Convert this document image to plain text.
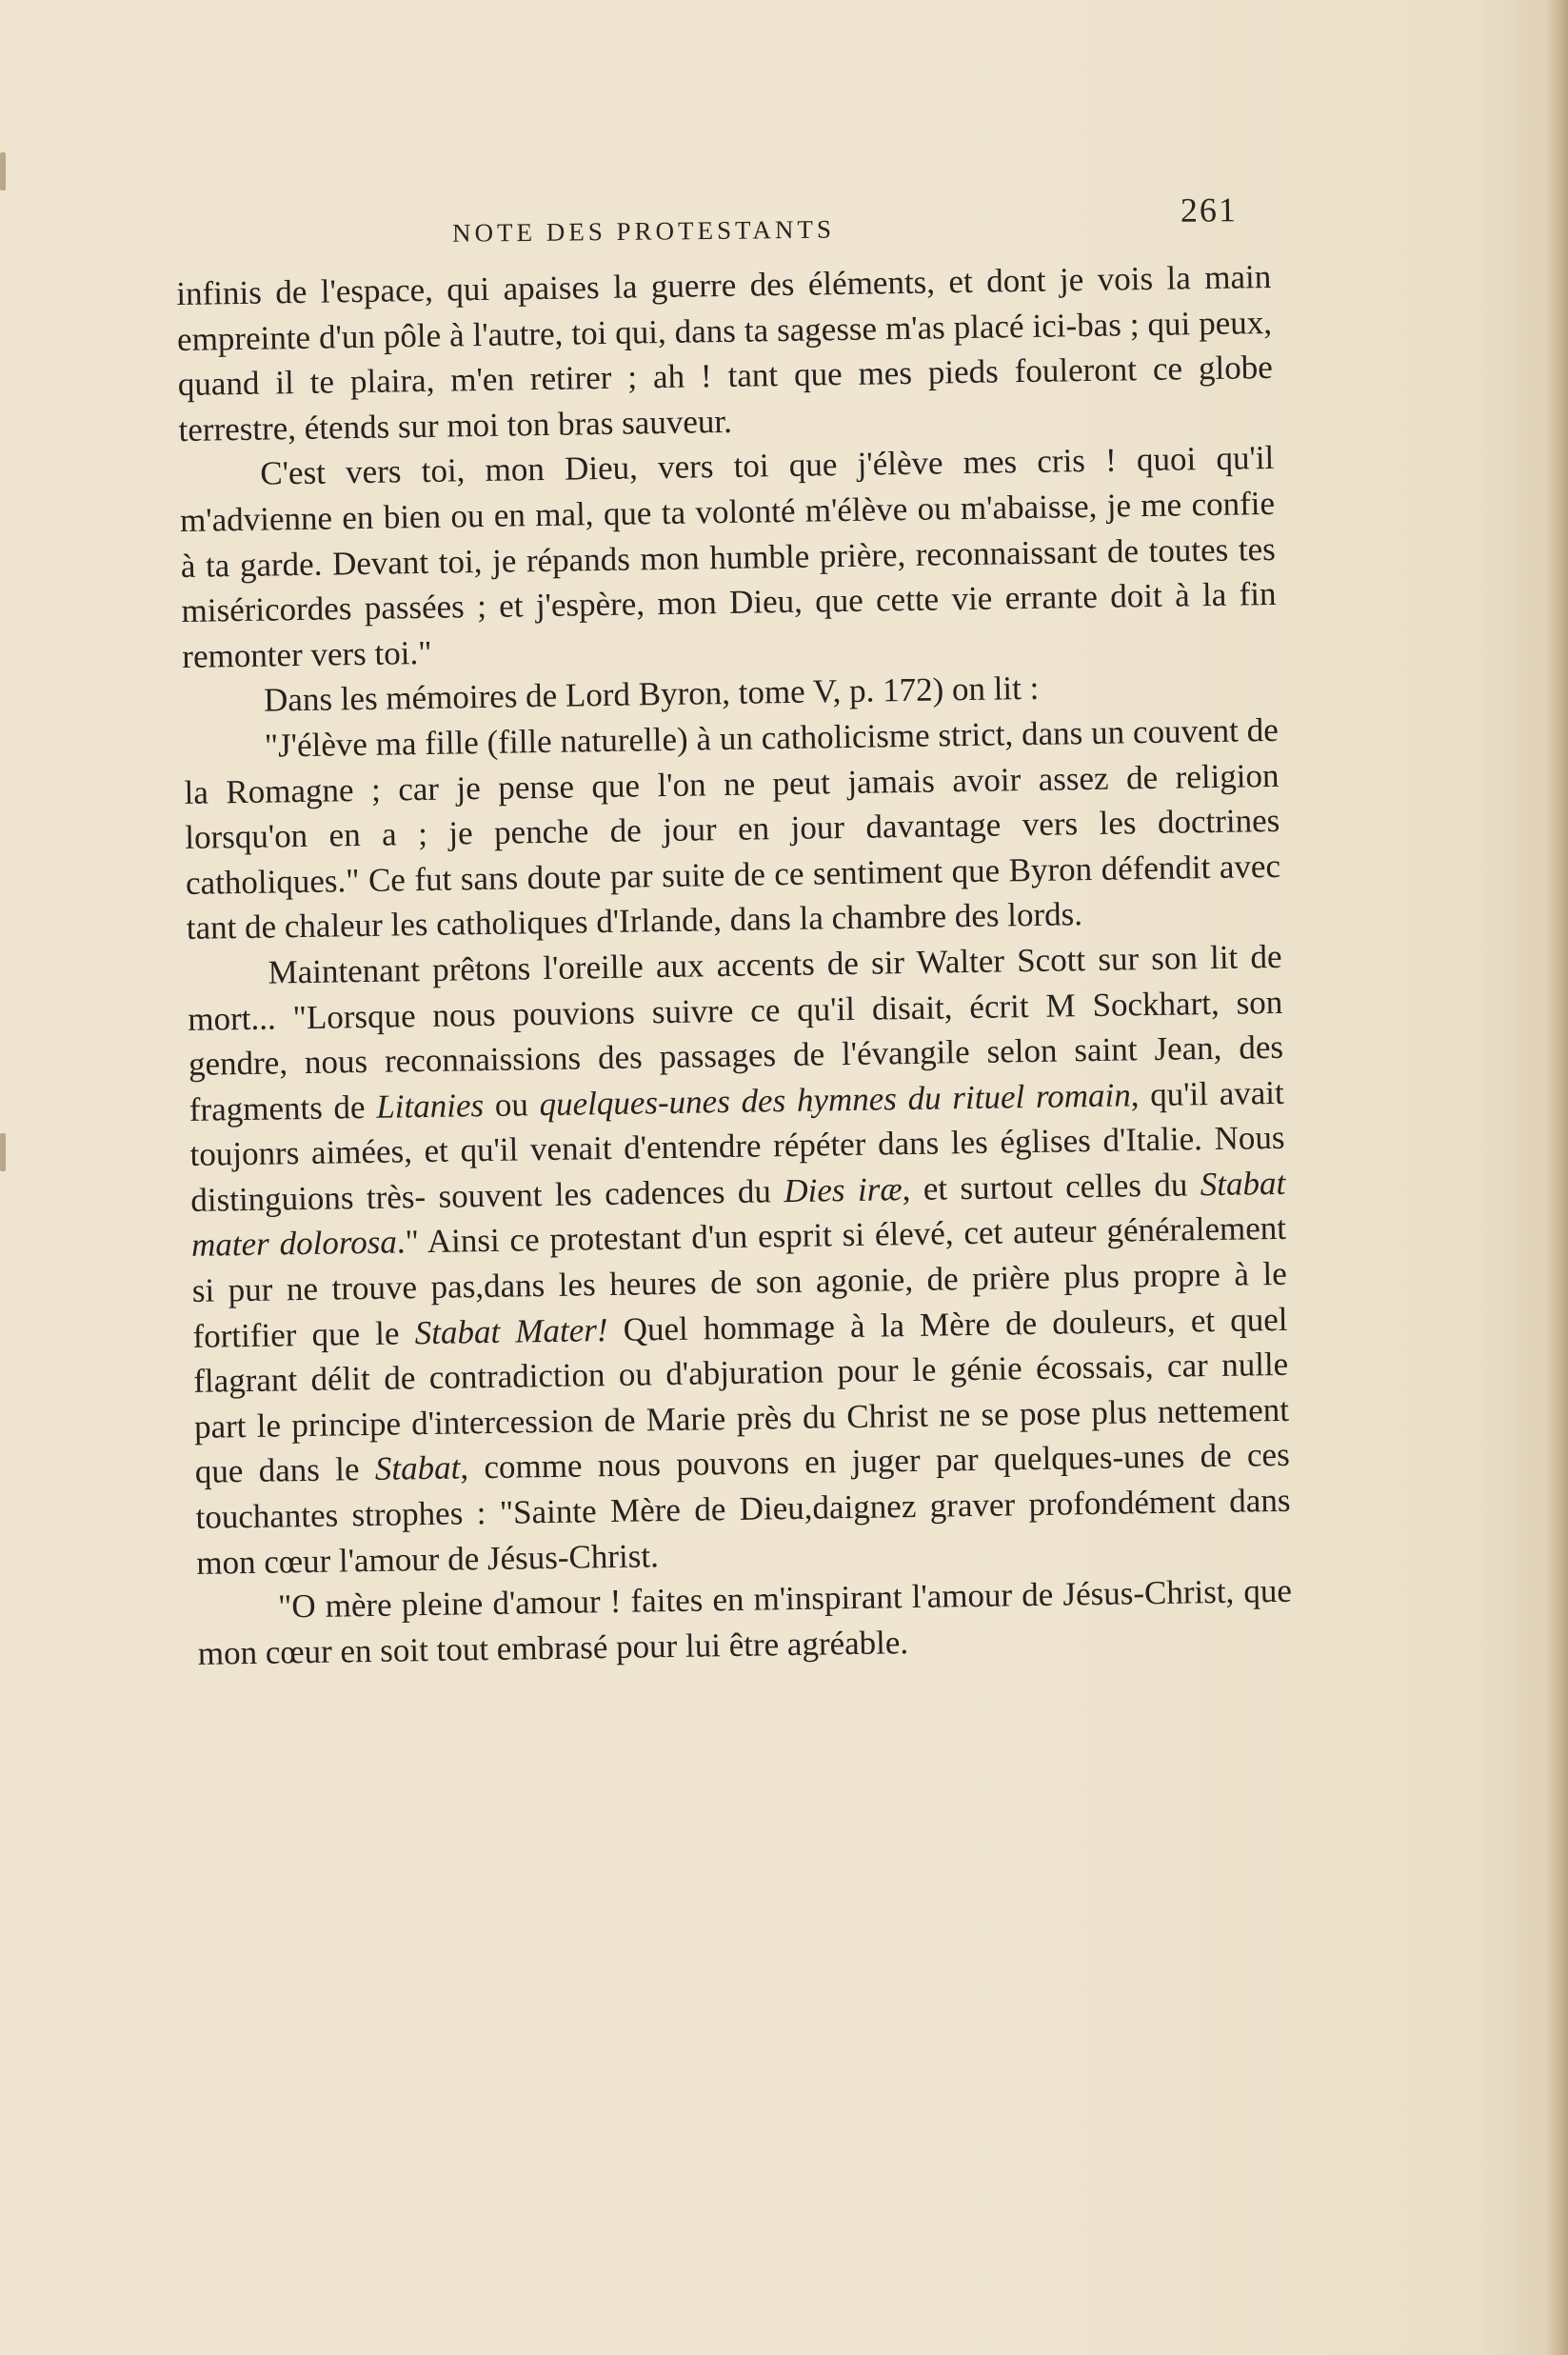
NOTE DES PROTESTANTS
261

infinis de l'espace, qui apaises la guerre des éléments, et dont je vois la main empreinte d'un pôle à l'autre, toi qui, dans ta sagesse m'as placé ici-bas ; qui peux, quand il te plaira, m'en retirer ; ah ! tant que mes pieds fouleront ce globe terrestre, étends sur moi ton bras sauveur.

C'est vers toi, mon Dieu, vers toi que j'élève mes cris ! quoi qu'il m'advienne en bien ou en mal, que ta volonté m'élève ou m'abaisse, je me confie à ta garde. Devant toi, je répands mon humble prière, reconnaissant de toutes tes miséricordes passées ; et j'espère, mon Dieu, que cette vie errante doit à la fin remonter vers toi."

Dans les mémoires de Lord Byron, tome V, p. 172) on lit :

"J'élève ma fille (fille naturelle) à un catholicisme strict, dans un couvent de la Romagne ; car je pense que l'on ne peut jamais avoir assez de religion lorsqu'on en a ; je penche de jour en jour davantage vers les doctrines catholiques." Ce fut sans doute par suite de ce sentiment que Byron défendit avec tant de chaleur les catholiques d'Irlande, dans la chambre des lords.

Maintenant prêtons l'oreille aux accents de sir Walter Scott sur son lit de mort... "Lorsque nous pouvions suivre ce qu'il disait, écrit M Sockhart, son gendre, nous reconnaissions des passages de l'évangile selon saint Jean, des fragments de Litanies ou quelques-unes des hymnes du rituel romain, qu'il avait toujonrs aimées, et qu'il venait d'entendre répéter dans les églises d'Italie. Nous distinguions très- souvent les cadences du Dies iræ, et surtout celles du Stabat mater dolorosa." Ainsi ce protestant d'un esprit si élevé, cet auteur généralement si pur ne trouve pas,dans les heures de son agonie, de prière plus propre à le fortifier que le Stabat Mater! Quel hommage à la Mère de douleurs, et quel flagrant délit de contradiction ou d'abjuration pour le génie écossais, car nulle part le principe d'intercession de Marie près du Christ ne se pose plus nettement que dans le Stabat, comme nous pouvons en juger par quelques-unes de ces touchantes strophes : "Sainte Mère de Dieu,daignez graver profondément dans mon cœur l'amour de Jésus-Christ.

"O mère pleine d'amour ! faites en m'inspirant l'amour de Jésus-Christ, que mon cœur en soit tout embrasé pour lui être agréable.
